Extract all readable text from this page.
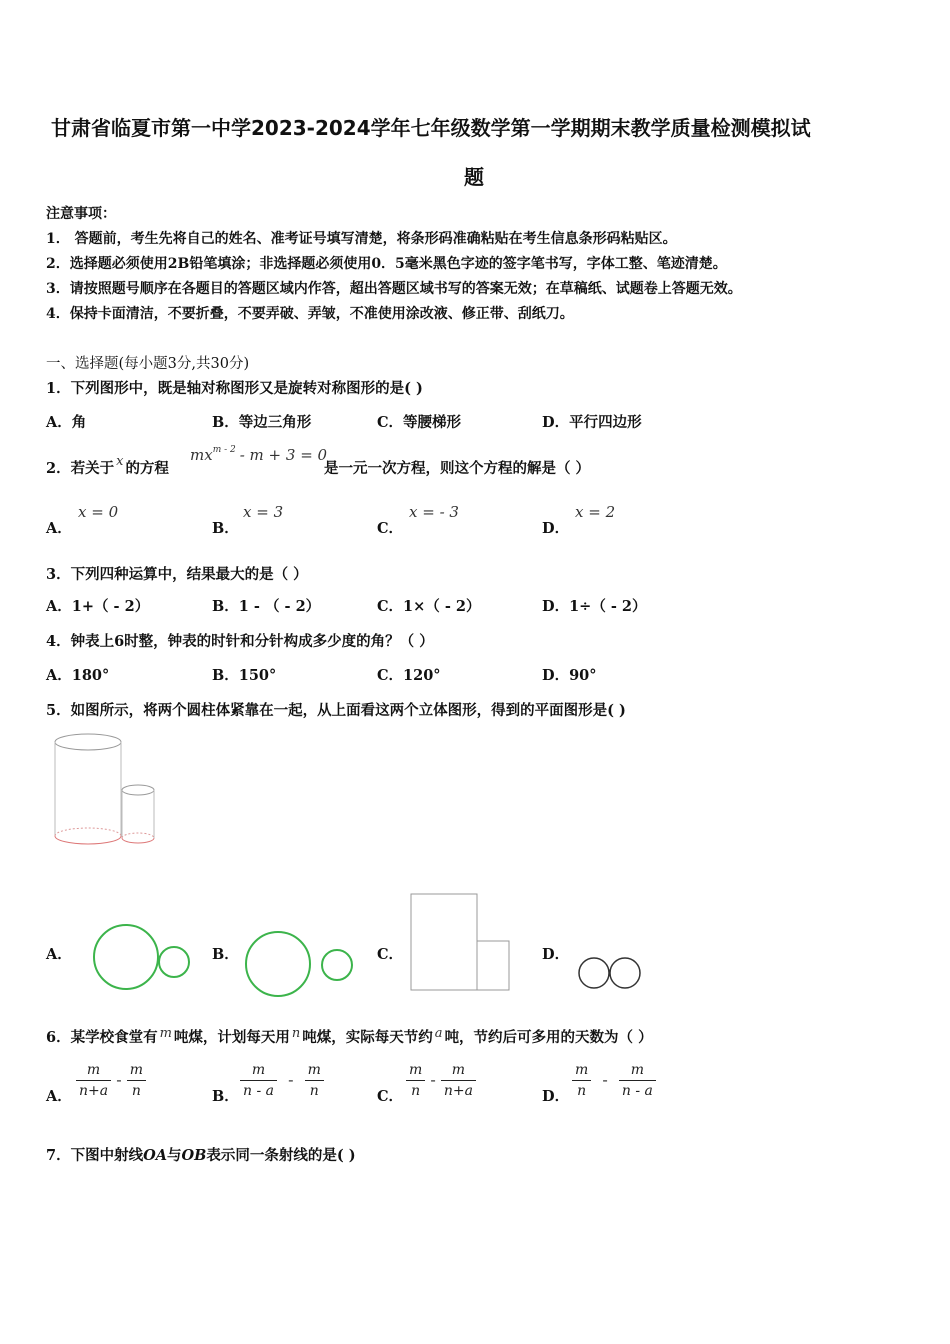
甘肃省临夏市第一中学2023-2024学年七年级数学第一学期期末教学质量检测模拟试
题
注意事项：
1． 答题前，考生先将自己的姓名、准考证号填写清楚，将条形码准确粘贴在考生信息条形码粘贴区。
2．选择题必须使用2B铅笔填涂；非选择题必须使用0．5毫米黑色字迹的签字笔书写，字体工整、笔迹清楚。
3．请按照题号顺序在各题目的答题区域内作答，超出答题区域书写的答案无效；在草稿纸、试题卷上答题无效。
4．保持卡面清洁，不要折叠，不要弄破、弄皱，不准使用涂改液、修正带、刮纸刀。
一、选择题(每小题3分,共30分)
1．下列图形中，既是轴对称图形又是旋转对称图形的是( )
A．角	B．等边三角形	C．等腰梯形	D．平行四边形
2．若关于 x 的方程
$mx^{m - 2} - m + 3 = 0$
是一元一次方程，则这个方程的解是（ ）
A．
x = 0
B．
x = 3
C．
x = - 3
D．
x = 2
3．下列四种运算中，结果最大的是（ ）
A．1+（ - 2）	B．1 - （ - 2）	C．1×（ - 2）	D．1÷（ - 2）
4．钟表上6时整，钟表的时针和分针构成多少度的角？（ ）
A．180°	B．150°	C．120°	D．90°
5．如图所示，将两个圆柱体紧靠在一起，从上面看这两个立体图形，得到的平面图形是( )
A．	B．	C．	D．
6．某学校食堂有 m 吨煤，计划每天用 n 吨煤，实际每天节约 a 吨，节约后可多用的天数为（ ）
A． $\frac{m}{n+a} - \frac{m}{n}$	B． $\frac{m}{n - a} - \frac{m}{n}$	C． $\frac{m}{n} - \frac{m}{n+a}$	D． $\frac{m}{n} - \frac{m}{n - a}$
7．下图中射线OA与OB表示同一条射线的是( )
